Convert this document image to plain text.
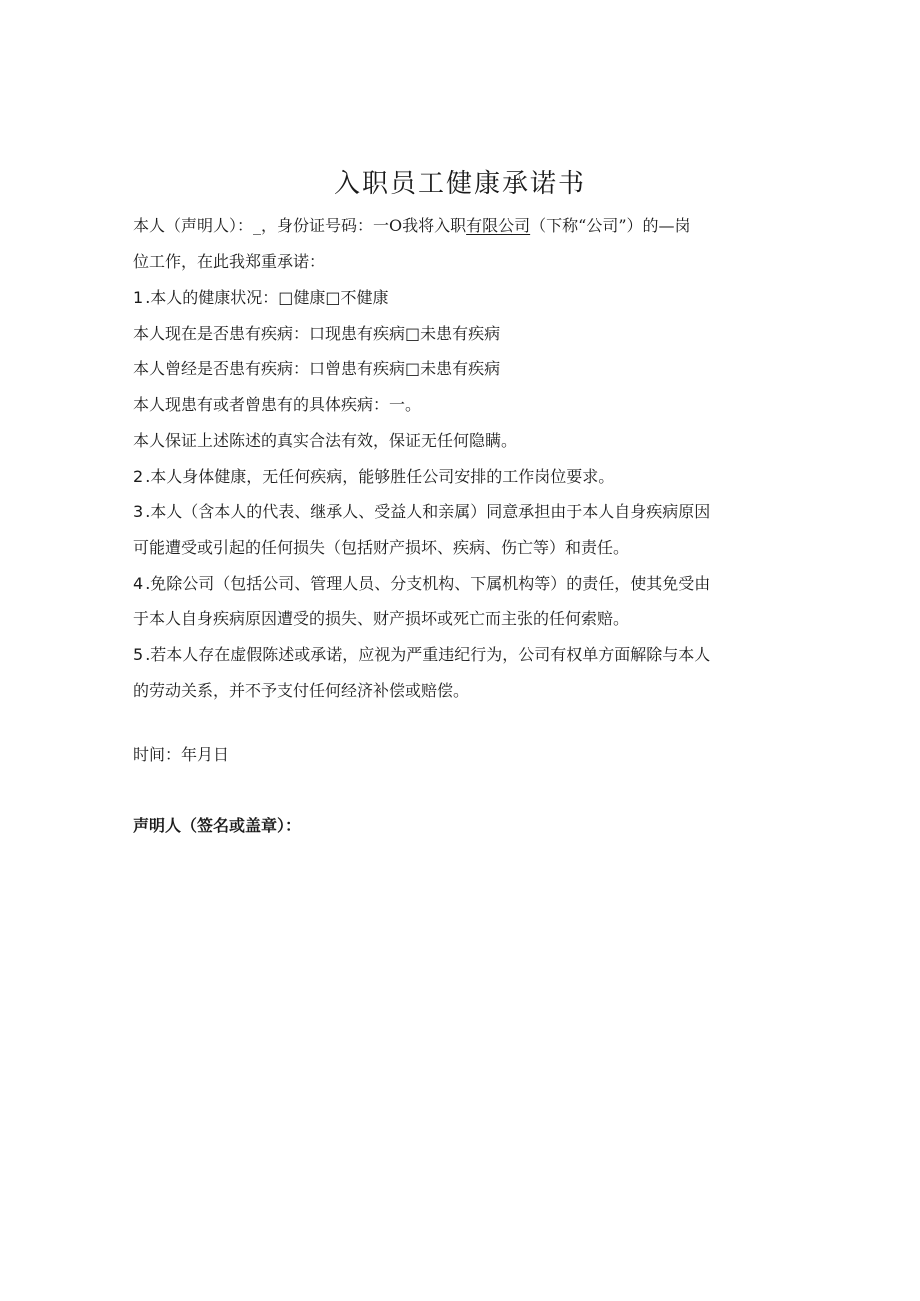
入职员工健康承诺书
本人（声明人）：_，身份证号码：一O我将入职有限公司（下称“公司”）的—岗
位工作，在此我郑重承诺：
1 .本人的健康状况：□健康□不健康
本人现在是否患有疾病：口现患有疾病□未患有疾病
本人曾经是否患有疾病：口曾患有疾病□未患有疾病
本人现患有或者曾患有的具体疾病：一。
本人保证上述陈述的真实合法有效，保证无任何隐瞒。
2 .本人身体健康，无任何疾病，能够胜任公司安排的工作岗位要求。
3 .本人（含本人的代表、继承人、受益人和亲属）同意承担由于本人自身疾病原因
可能遭受或引起的任何损失（包括财产损坏、疾病、伤亡等）和责任。
4 .免除公司（包括公司、管理人员、分支机构、下属机构等）的责任，使其免受由
于本人自身疾病原因遭受的损失、财产损坏或死亡而主张的任何索赔。
5 .若本人存在虚假陈述或承诺，应视为严重违纪行为，公司有权单方面解除与本人
的劳动关系，并不予支付任何经济补偿或赔偿。
时间：年月日
声明人（签名或盖章）：
